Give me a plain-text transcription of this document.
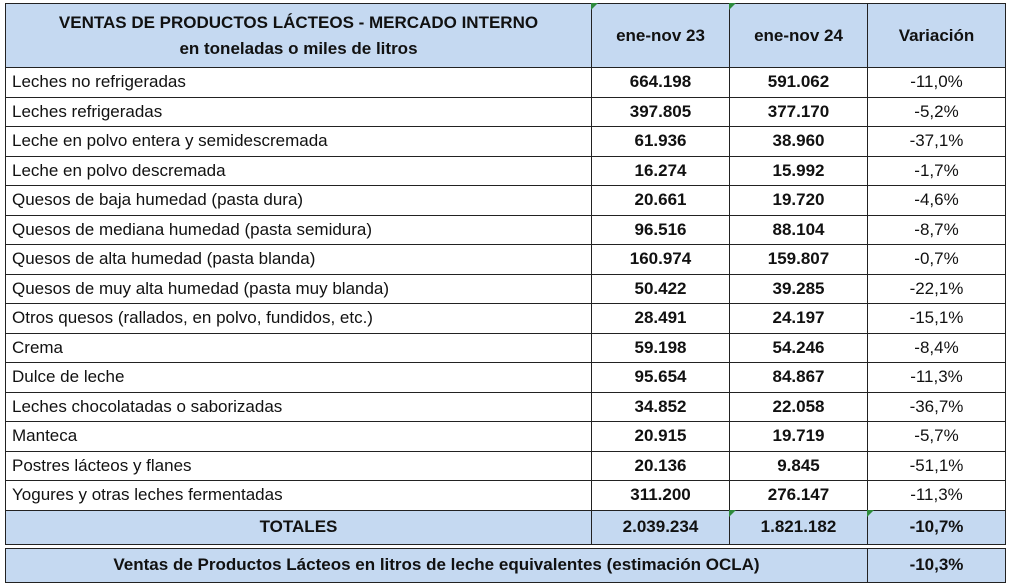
VENTAS DE PRODUCTOS LÁCTEOS - MERCADO INTERNO
en toneladas o miles de litros	ene-nov 23	ene-nov 24	Variación
Leches no refrigeradas	664.198	591.062	-11,0%
Leches refrigeradas	397.805	377.170	-5,2%
Leche en polvo entera y semidescremada	61.936	38.960	-37,1%
Leche en polvo descremada	16.274	15.992	-1,7%
Quesos de baja humedad (pasta dura)	20.661	19.720	-4,6%
Quesos de mediana humedad (pasta semidura)	96.516	88.104	-8,7%
Quesos de alta humedad (pasta blanda)	160.974	159.807	-0,7%
Quesos de muy alta humedad (pasta muy blanda)	50.422	39.285	-22,1%
Otros quesos (rallados, en polvo, fundidos, etc.)	28.491	24.197	-15,1%
Crema	59.198	54.246	-8,4%
Dulce de leche	95.654	84.867	-11,3%
Leches chocolatadas o saborizadas	34.852	22.058	-36,7%
Manteca	20.915	19.719	-5,7%
Postres lácteos y flanes	20.136	9.845	-51,1%
Yogures y otras leches fermentadas	311.200	276.147	-11,3%
TOTALES	2.039.234	1.821.182	-10,7%

Ventas de Productos Lácteos en litros de leche equivalentes (estimación OCLA)			-10,3%
